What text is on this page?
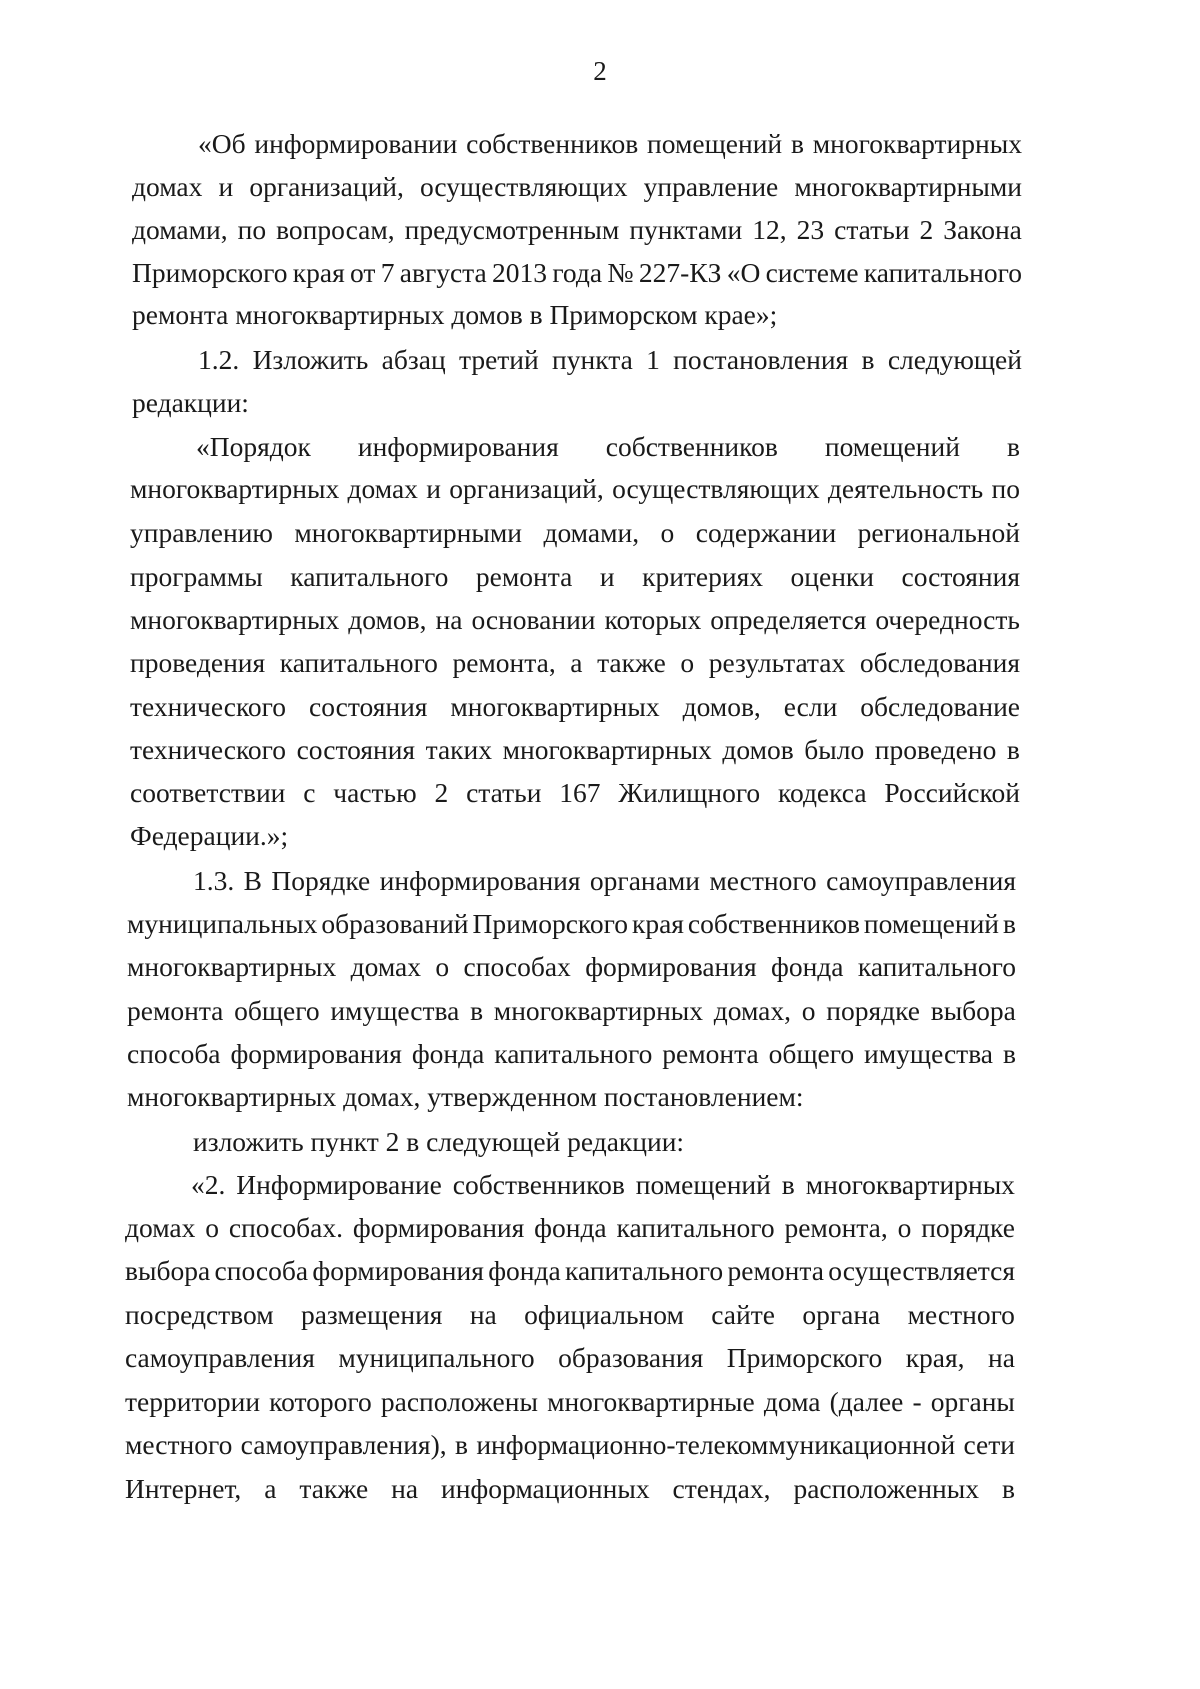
2
«Об информировании собственников помещений в многоквартирных
домах и организаций, осуществляющих управление многоквартирными
домами, по вопросам, предусмотренным пунктами 12, 23 статьи 2 Закона
Приморского края от 7 августа 2013 года № 227-КЗ «О системе капитального
ремонта многоквартирных домов в Приморском крае»;
1.2. Изложить абзац третий пункта 1 постановления в следующей
редакции:
«Порядок информирования собственников помещений в
многоквартирных домах и организаций, осуществляющих деятельность по
управлению многоквартирными домами, о содержании региональной
программы капитального ремонта и критериях оценки состояния
многоквартирных домов, на основании которых определяется очередность
проведения капитального ремонта, а также о результатах обследования
технического состояния многоквартирных домов, если обследование
технического состояния таких многоквартирных домов было проведено в
соответствии с частью 2 статьи 167 Жилищного кодекса Российской
Федерации.»;
1.3. В Порядке информирования органами местного самоуправления
муниципальных образований Приморского края собственников помещений в
многоквартирных домах о способах формирования фонда капитального
ремонта общего имущества в многоквартирных домах, о порядке выбора
способа формирования фонда капитального ремонта общего имущества в
многоквартирных домах, утвержденном постановлением:
изложить пункт 2 в следующей редакции:
«2. Информирование собственников помещений в многоквартирных
домах о способах. формирования фонда капитального ремонта, о порядке
выбора способа формирования фонда капитального ремонта осуществляется
посредством размещения на официальном сайте органа местного
самоуправления муниципального образования Приморского края, на
территории которого расположены многоквартирные дома (далее - органы
местного самоуправления), в информационно-телекоммуникационной сети
Интернет, а также на информационных стендах, расположенных в
